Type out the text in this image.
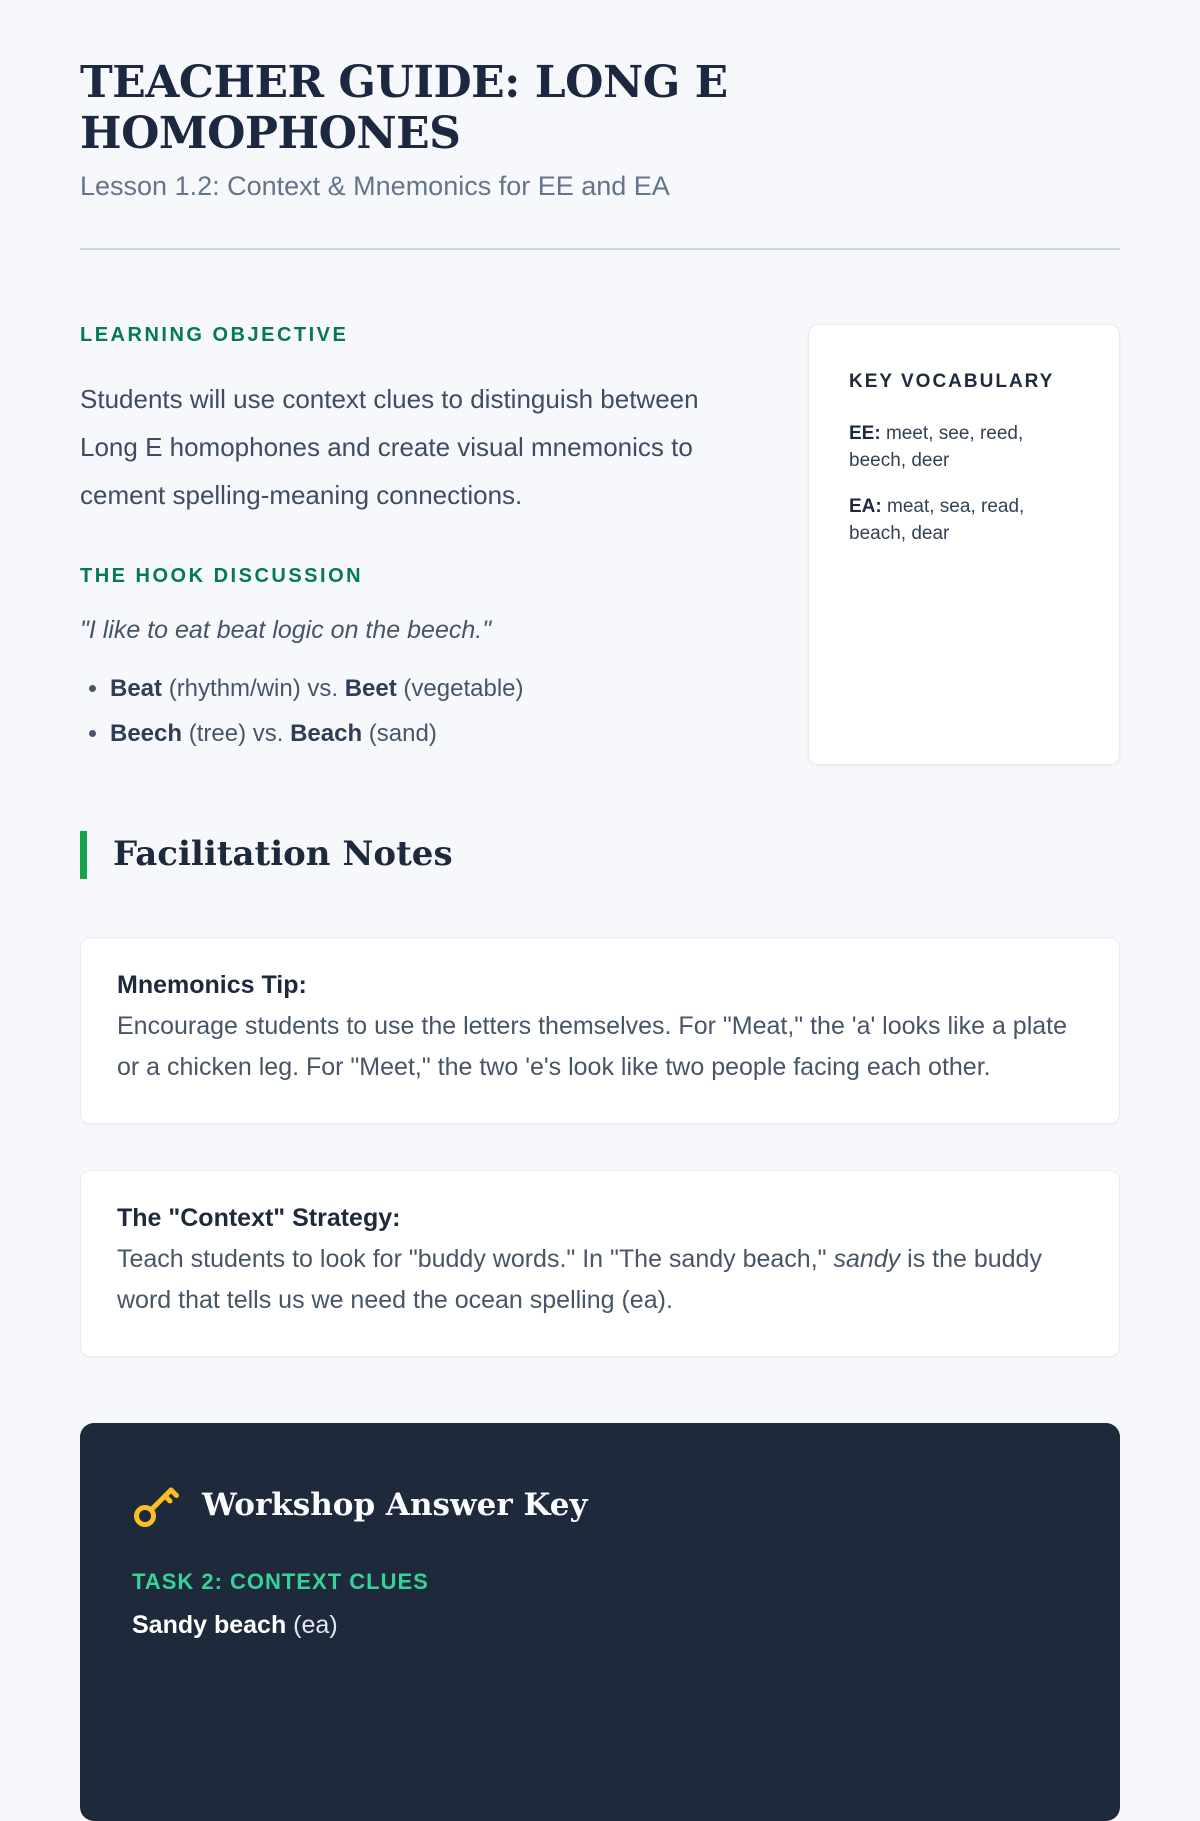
TEACHER GUIDE: LONG E HOMOPHONES

Lesson 1.2: Context & Mnemonics for EE and EA

LEARNING OBJECTIVE

Students will use context clues to distinguish between Long E homophones and create visual mnemonics to cement spelling-meaning connections.

THE HOOK DISCUSSION

"I like to eat beat logic on the beech."

• Beat (rhythm/win) vs. Beet (vegetable)
• Beech (tree) vs. Beach (sand)
KEY VOCABULARY

EE: meet, see, reed, beech, deer

EA: meat, sea, read, beach, dear

Facilitation Notes

Mnemonics Tip:

Encourage students to use the letters themselves. For "Meat," the 'a' looks like a plate or a chicken leg. For "Meet," the two 'e's look like two people facing each other.

The "Context" Strategy:

Teach students to look for "buddy words." In "The sandy beach," sandy is the buddy word that tells us we need the ocean spelling (ea).

Workshop Answer Key
TASK 2: CONTEXT CLUES

Sandy beach (ea)
